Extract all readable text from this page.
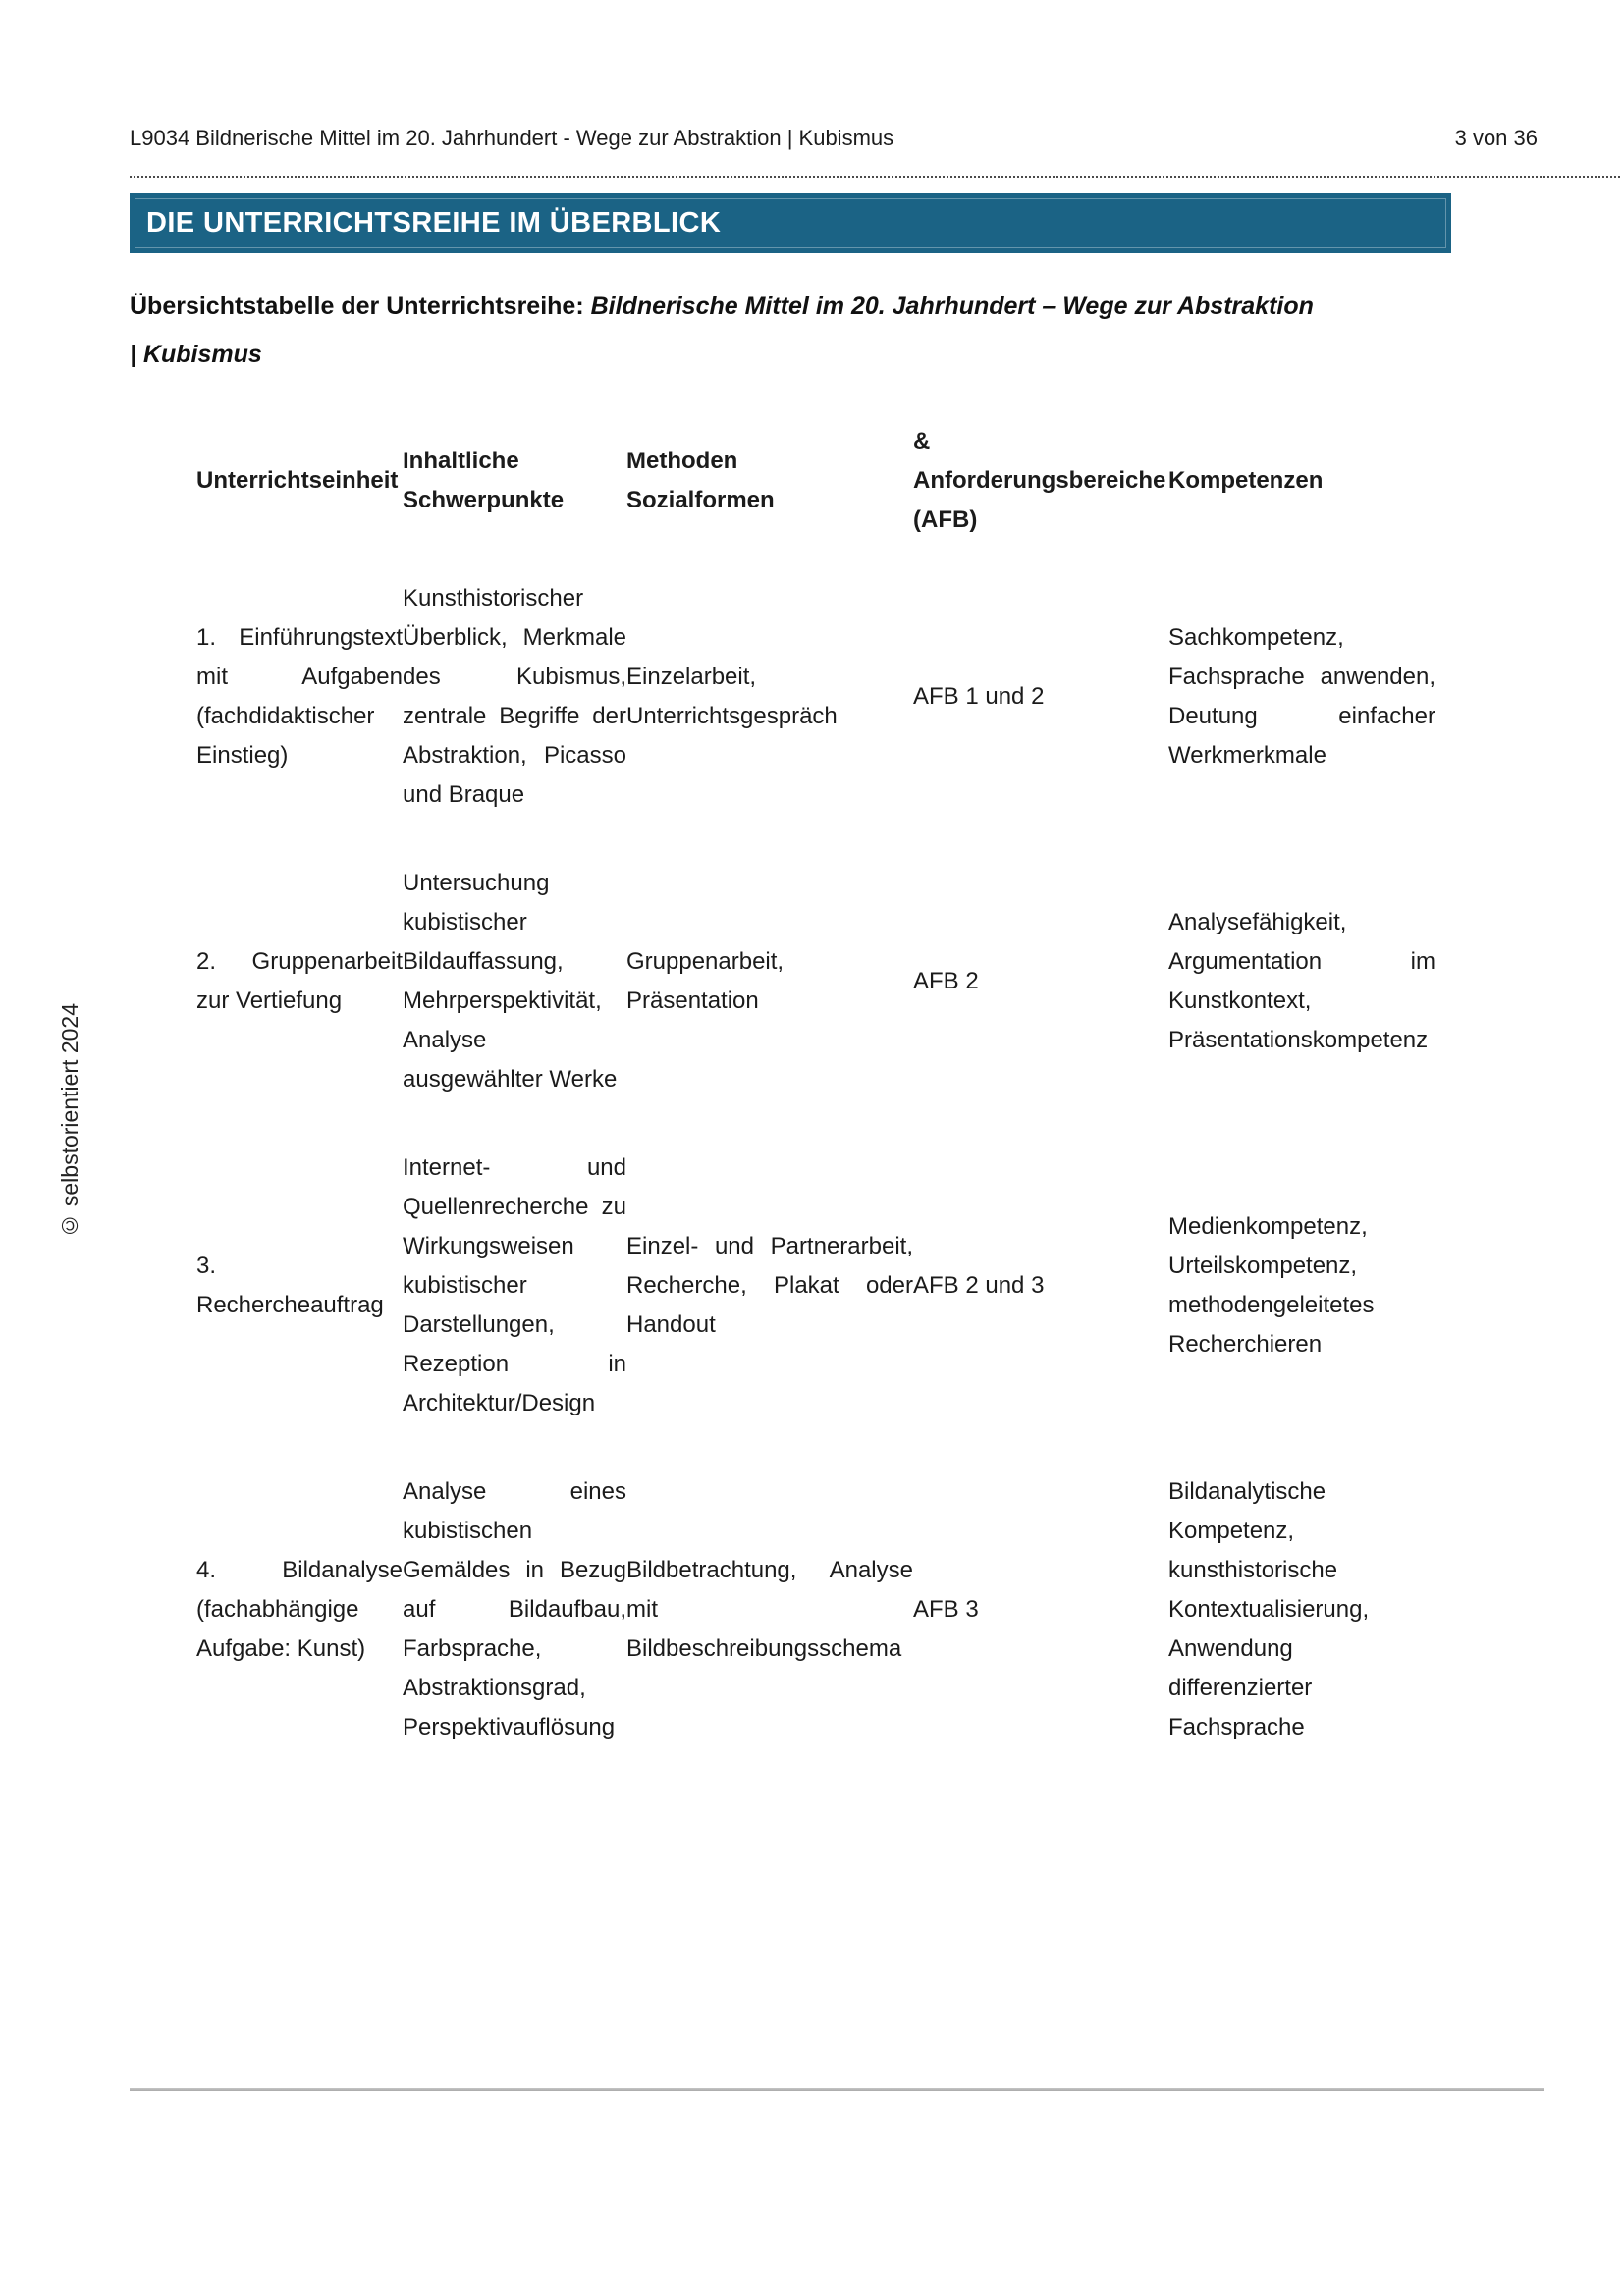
L9034 Bildnerische Mittel im 20. Jahrhundert - Wege zur Abstraktion | Kubismus	3 von 36
DIE UNTERRICHTSREIHE IM ÜBERBLICK

Übersichtstabelle der Unterrichtsreihe: Bildnerische Mittel im 20. Jahrhundert – Wege zur Abstraktion
| Kubismus

© selbstorientiert 2024
Unterrichtseinheit	Inhaltliche Schwerpunkte	Methoden Sozialformen	& Anforderungsbereiche (AFB)	Kompetenzen
1. Einführungstext mit Aufgaben (fachdidaktischer Einstieg)	Kunsthistorischer Überblick, Merkmale des Kubismus, zentrale Begriffe der Abstraktion, Picasso und Braque	Einzelarbeit, Unterrichtsgespräch	AFB 1 und 2	Sachkompetenz, Fachsprache anwenden, Deutung einfacher Werkmerkmale
2. Gruppenarbeit zur Vertiefung	Untersuchung kubistischer Bildauffassung, Mehrperspektivität, Analyse ausgewählter Werke	Gruppenarbeit, Präsentation	AFB 2	Analysefähigkeit, Argumentation im Kunstkontext, Präsentationskompetenz
3. Rechercheauftrag	Internet- und Quellenrecherche zu Wirkungsweisen kubistischer Darstellungen, Rezeption in Architektur/Design	Einzel- und Partnerarbeit, Recherche, Plakat oder Handout	AFB 2 und 3	Medienkompetenz, Urteilskompetenz, methodengeleitetes Recherchieren
4. Bildanalyse (fachabhängige Aufgabe: Kunst)	Analyse eines kubistischen Gemäldes in Bezug auf Bildaufbau, Farbsprache, Abstraktionsgrad, Perspektivauflösung	Bildbetrachtung, Analyse mit Bildbeschreibungsschema	AFB 3	Bildanalytische Kompetenz, kunsthistorische Kontextualisierung, Anwendung differenzierter Fachsprache
